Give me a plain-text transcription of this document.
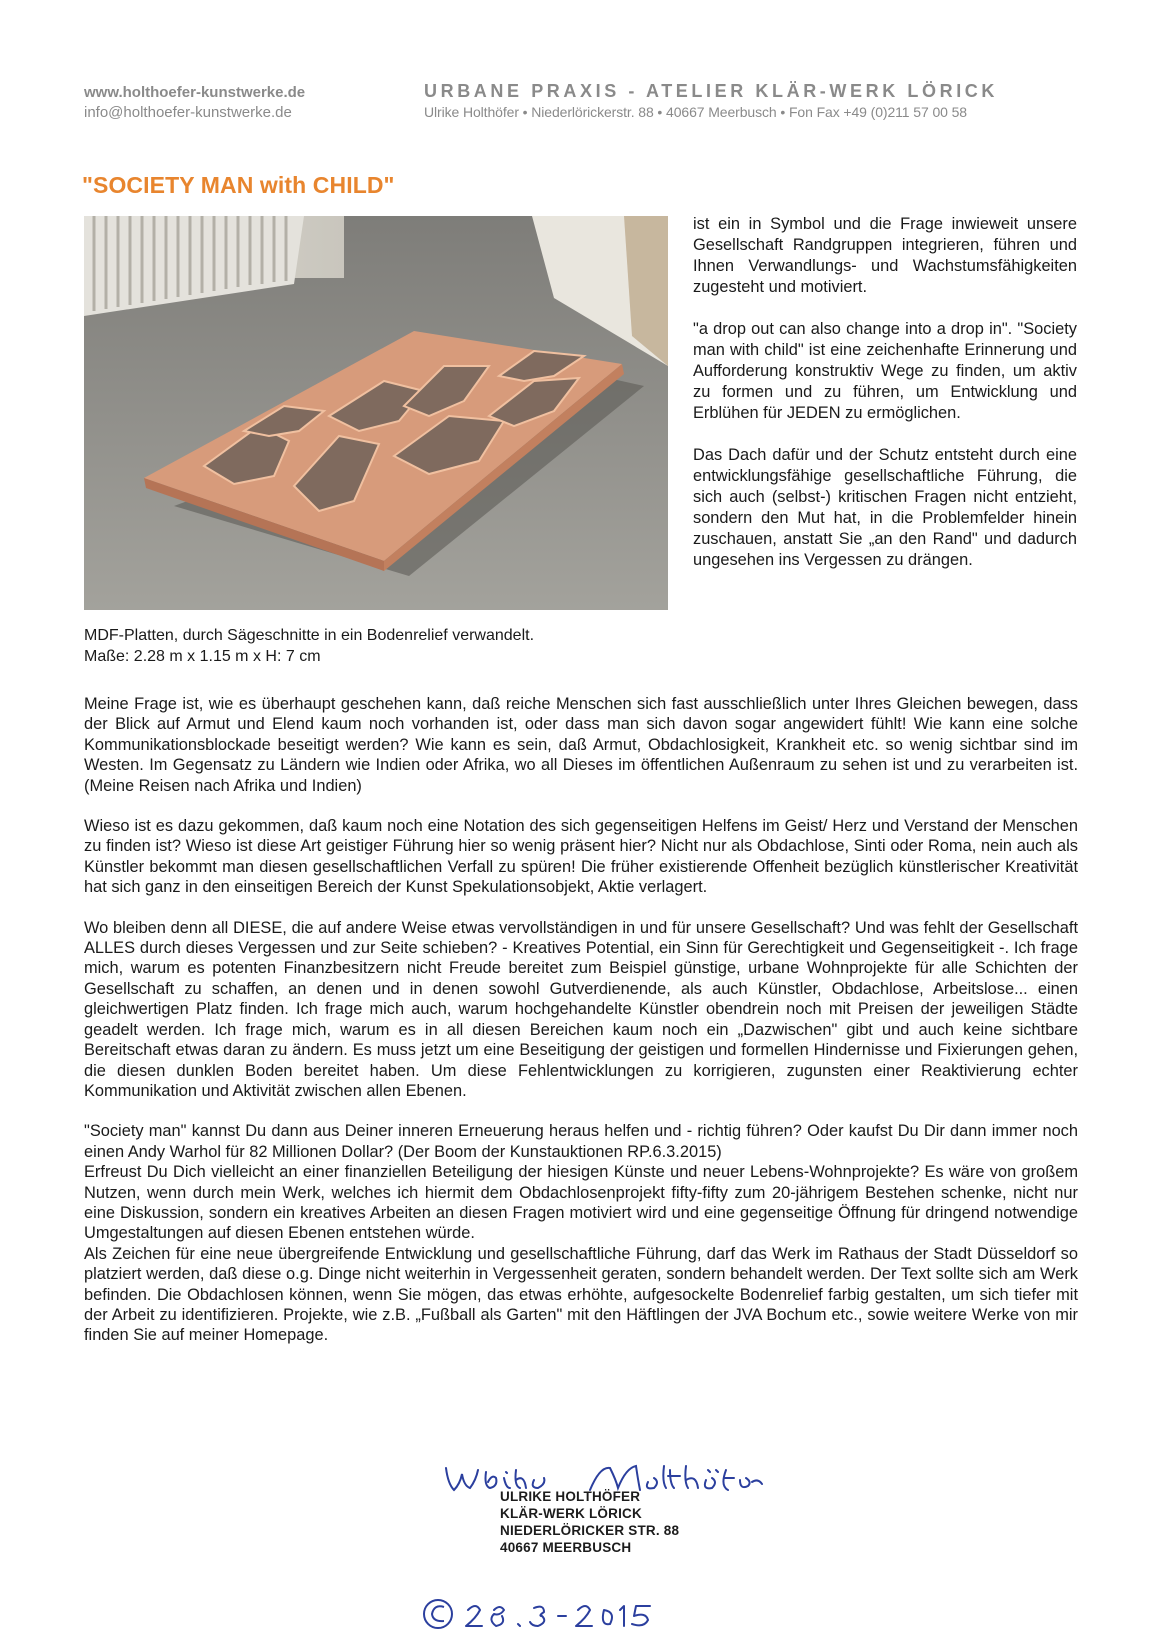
www.holthoefer-kunstwerke.de
info@holthoefer-kunstwerke.de
URBANE PRAXIS - ATELIER KLÄR-WERK LÖRICK
Ulrike Holthöfer • Niederlörickerstr. 88 • 40667 Meerbusch • Fon Fax +49 (0)211 57 00 58
"SOCIETY MAN with CHILD"
MDF-Platten, durch Sägeschnitte in ein Bodenrelief verwandelt.
Maße: 2.28 m x 1.15 m x H: 7 cm

ist ein in Symbol und die Frage inwieweit unsere Gesellschaft Randgruppen integrieren, führen und Ihnen Verwandlungs- und Wachstumsfähigkeiten zugesteht und motiviert.

"a drop out can also change into a drop in". "Society man with child" ist eine zeichenhafte Erinnerung und Aufforderung konstruktiv Wege zu finden, um aktiv zu formen und zu führen, um Entwicklung und Erblühen für JEDEN zu ermöglichen.

Das Dach dafür und der Schutz entsteht durch eine entwicklungsfähige gesellschaftliche Führung, die sich auch (selbst-) kritischen Fragen nicht entzieht, sondern den Mut hat, in die Problemfelder hinein zuschauen, anstatt Sie „an den Rand" und dadurch ungesehen ins Vergessen zu drängen.

Meine Frage ist, wie es überhaupt geschehen kann, daß reiche Menschen sich fast ausschließlich unter Ihres Gleichen bewegen, dass der Blick auf Armut und Elend kaum noch vorhanden ist, oder dass man sich davon sogar angewidert fühlt! Wie kann eine solche Kommunikationsblockade beseitigt werden? Wie kann es sein, daß Armut, Obdachlosigkeit, Krankheit etc. so wenig sichtbar sind im Westen. Im Gegensatz zu Ländern wie Indien oder Afrika, wo all Dieses im öffentlichen Außenraum zu sehen ist und zu verarbeiten ist. (Meine Reisen nach Afrika und Indien)

Wieso ist es dazu gekommen, daß kaum noch eine Notation des sich gegenseitigen Helfens im Geist/ Herz und Verstand der Menschen zu finden ist? Wieso ist diese Art geistiger Führung hier so wenig präsent hier? Nicht nur als Obdachlose, Sinti oder Roma, nein auch als Künstler bekommt man diesen gesellschaftlichen Verfall zu spüren! Die früher existierende Offenheit bezüglich künstlerischer Kreativität hat sich ganz in den einseitigen Bereich der Kunst Spekulationsobjekt, Aktie verlagert.

Wo bleiben denn all DIESE, die auf andere Weise etwas vervollständigen in und für unsere Gesellschaft? Und was fehlt der Gesellschaft ALLES durch dieses Vergessen und zur Seite schieben? - Kreatives Potential, ein Sinn für Gerechtigkeit und Gegenseitigkeit -. Ich frage mich, warum es potenten Finanzbesitzern nicht Freude bereitet zum Beispiel günstige, urbane Wohnprojekte für alle Schichten der Gesellschaft zu schaffen, an denen und in denen sowohl Gutverdienende, als auch Künstler, Obdachlose, Arbeitslose... einen gleichwertigen Platz finden. Ich frage mich auch, warum hochgehandelte Künstler obendrein noch mit Preisen der jeweiligen Städte geadelt werden. Ich frage mich, warum es in all diesen Bereichen kaum noch ein „Dazwischen" gibt und auch keine sichtbare Bereitschaft etwas daran zu ändern. Es muss jetzt um eine Beseitigung der geistigen und formellen Hindernisse und Fixierungen gehen, die diesen dunklen Boden bereitet haben. Um diese Fehlentwicklungen zu korrigieren, zugunsten einer Reaktivierung echter Kommunikation und Aktivität zwischen allen Ebenen.

"Society man" kannst Du dann aus Deiner inneren Erneuerung heraus helfen und - richtig führen? Oder kaufst Du Dir dann immer noch einen Andy Warhol für 82 Millionen Dollar? (Der Boom der Kunstauktionen RP.6.3.2015)

Erfreust Du Dich vielleicht an einer finanziellen Beteiligung der hiesigen Künste und neuer Lebens-Wohnprojekte? Es wäre von großem Nutzen, wenn durch mein Werk, welches ich hiermit dem Obdachlosenprojekt fifty-fifty zum 20-jährigem Bestehen schenke, nicht nur eine Diskussion, sondern ein kreatives Arbeiten an diesen Fragen motiviert wird und eine gegenseitige Öffnung für dringend notwendige Umgestaltungen auf diesen Ebenen entstehen würde.

Als Zeichen für eine neue übergreifende Entwicklung und gesellschaftliche Führung, darf das Werk im Rathaus der Stadt Düsseldorf so platziert werden, daß diese o.g. Dinge nicht weiterhin in Vergessenheit geraten, sondern behandelt werden. Der Text sollte sich am Werk befinden. Die Obdachlosen können, wenn Sie mögen, das etwas erhöhte, aufgesockelte Bodenrelief farbig gestalten, um sich tiefer mit der Arbeit zu identifizieren. Projekte, wie z.B. „Fußball als Garten" mit den Häftlingen der JVA Bochum etc., sowie weitere Werke von mir finden Sie auf meiner Homepage.

ULRIKE HOLTHÖFER
KLÄR-WERK LÖRICK
NIEDERLÖRICKER STR. 88
40667 MEERBUSCH
